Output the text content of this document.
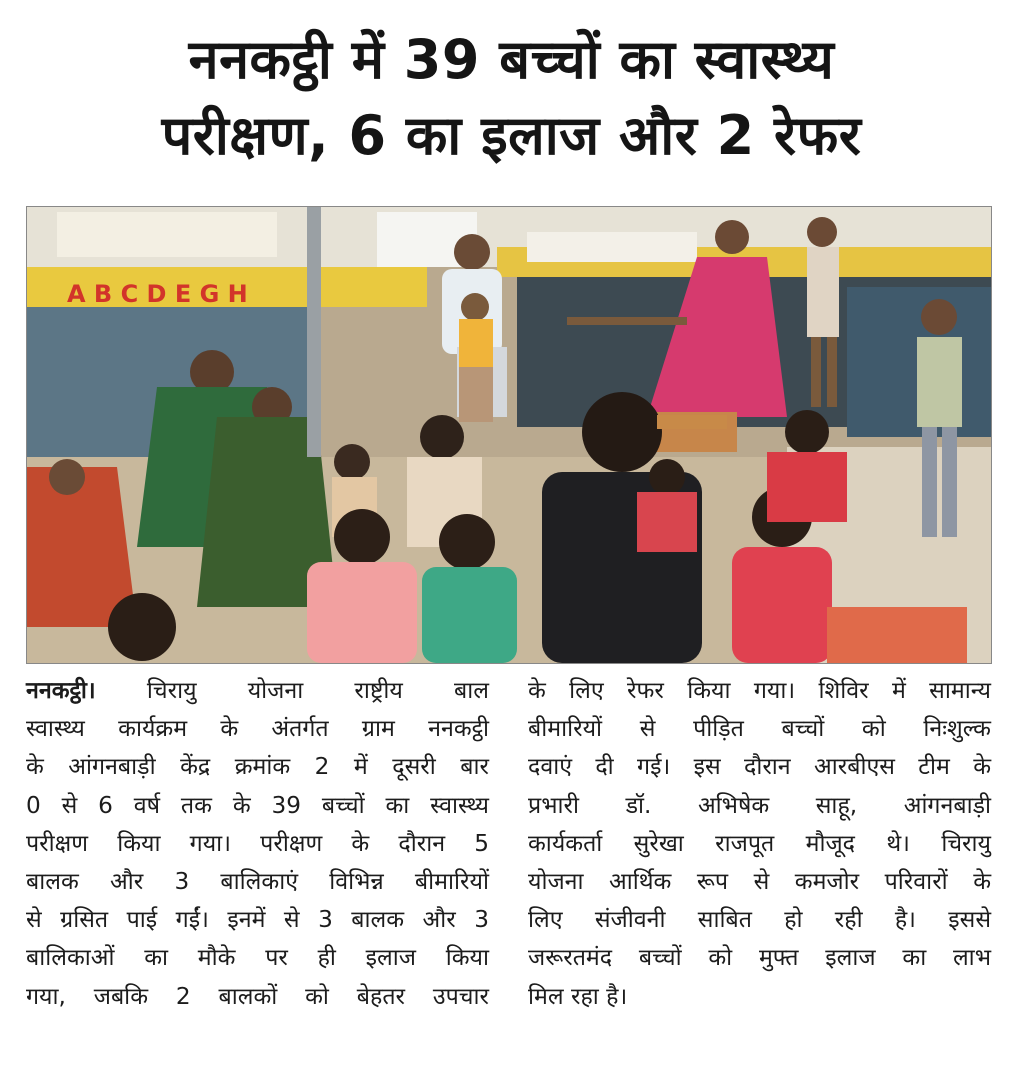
ननकट्ठी में 39 बच्चों का स्वास्थ्य
परीक्षण, 6 का इलाज और 2 रेफर
A B C D E G H
ननकट्ठी। चिरायु योजना राष्ट्रीय बाल
स्वास्थ्य कार्यक्रम के अंतर्गत ग्राम ननकट्ठी
के आंगनबाड़ी केंद्र क्रमांक 2 में दूसरी बार
0 से 6 वर्ष तक के 39 बच्चों का स्वास्थ्य
परीक्षण किया गया। परीक्षण के दौरान 5
बालक और 3 बालिकाएं विभिन्न बीमारियों
से ग्रसित पाई गईं। इनमें से 3 बालक और 3
बालिकाओं का मौके पर ही इलाज किया
गया, जबकि 2 बालकों को बेहतर उपचार
के लिए रेफर किया गया। शिविर में सामान्य
बीमारियों से पीड़ित बच्चों को निःशुल्क
दवाएं दी गई। इस दौरान आरबीएस टीम के
प्रभारी डॉ. अभिषेक साहू, आंगनबाड़ी
कार्यकर्ता सुरेखा राजपूत मौजूद थे। चिरायु
योजना आर्थिक रूप से कमजोर परिवारों के
लिए संजीवनी साबित हो रही है। इससे
जरूरतमंद बच्चों को मुफ्त इलाज का लाभ
मिल रहा है।
